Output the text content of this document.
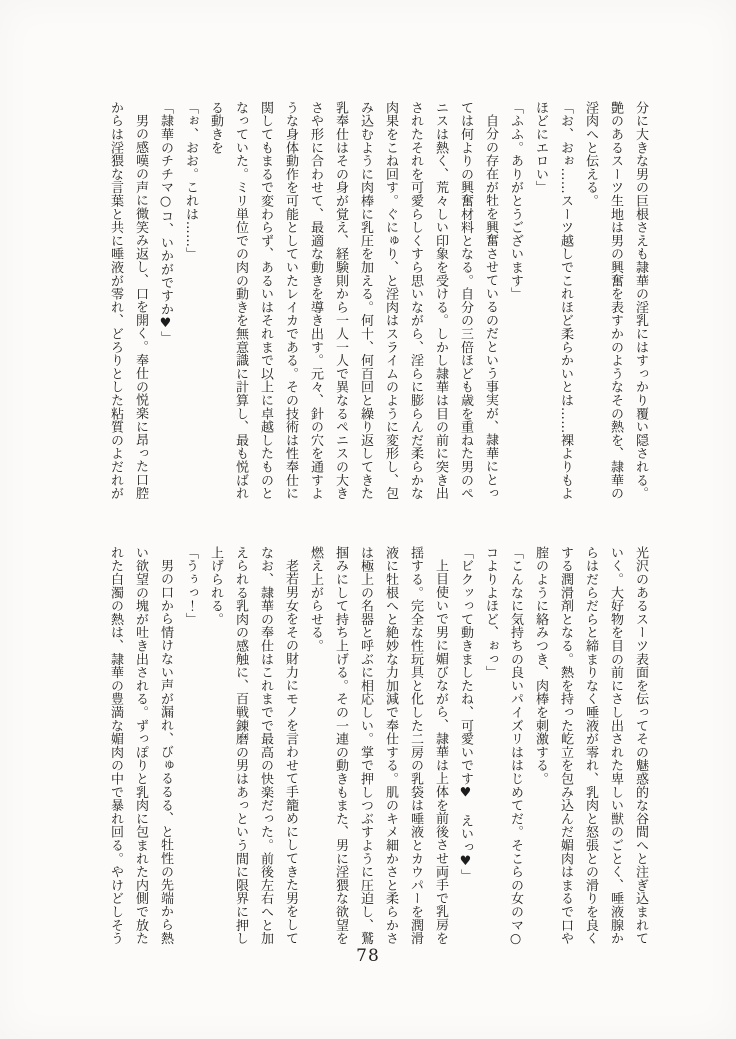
分に大きな男の巨根さえも隷華の淫乳にはすっかり覆い隠される。
艶のあるスーツ生地は男の興奮を表すかのようなその熱を、隷華の
淫肉へと伝える。
「お、おぉ……スーツ越しでこれほど柔らかいとは……裸よりもよ
ほどにエロい」
「ふふ。ありがとうございます」
自分の存在が牡を興奮させているのだという事実が、隷華にとっ
ては何よりの興奮材料となる。自分の三倍ほども歳を重ねた男のペ
ニスは熱く、荒々しい印象を受ける。しかし隷華は目の前に突き出
されたそれを可愛らしくすら思いながら、淫らに膨らんだ柔らかな
肉果をこね回す。ぐにゅり、と淫肉はスライムのように変形し、包
み込むように肉棒に乳圧を加える。何十、何百回と繰り返してきた
乳奉仕はその身が覚え、経験則から一人一人で異なるペニスの大き
さや形に合わせて、最適な動きを導き出す。元々、針の穴を通すよ
うな身体動作を可能としていたレイカである。その技術は性奉仕に
関してもまるで変わらず、あるいはそれまで以上に卓越したものと
なっていた。ミリ単位での肉の動きを無意識に計算し、最も悦ばれ
る動きを
「ぉ、おお。これは……」
「隷華のチチマ○コ、いかがですか♥」
男の感嘆の声に微笑み返し、口を開く。奉仕の悦楽に昂った口腔
からは淫猥な言葉と共に唾液が零れ、どろりとした粘質のよだれが
光沢のあるスーツ表面を伝ってその魅惑的な谷間へと注ぎ込まれて
いく。大好物を目の前にさし出された卑しい獣のごとく、唾液腺か
らはだらだらと締まりなく唾液が零れ、乳肉と怒張との滑りを良く
する潤滑剤となる。熱を持った屹立を包み込んだ媚肉はまるで口や
腟のように絡みつき、肉棒を刺激する。
「こんなに気持ちの良いパイズリははじめてだ。そこらの女のマ○
コよりよほど、ぉっ」
「ビクッって動きましたね、可愛いです♥　えいっ♥」
上目使いで男に媚びながら、隷華は上体を前後させ両手で乳房を
揺する。完全な性玩具と化した二房の乳袋は唾液とカウパーを潤滑
液に牡根へと絶妙な力加減で奉仕する。肌のキメ細かさと柔らかさ
は極上の名器と呼ぶに相応しい。掌で押しつぶすように圧迫し、鷲
掴みにして持ち上げる。その一連の動きもまた、男に淫猥な欲望を
燃え上がらせる。
老若男女をその財力にモノを言わせて手籠めにしてきた男をして
なお、隷華の奉仕はこれまでで最高の快楽だった。前後左右へと加
えられる乳肉の感触に、百戦錬磨の男はあっという間に限界に押し
上げられる。
「うぅっ！」
男の口から情けない声が漏れ、びゅるるる、と牡性の先端から熱
い欲望の塊が吐き出される。ずっぽりと乳肉に包まれた内側で放た
れた白濁の熱は、隷華の豊満な媚肉の中で暴れ回る。やけどしそう
78
